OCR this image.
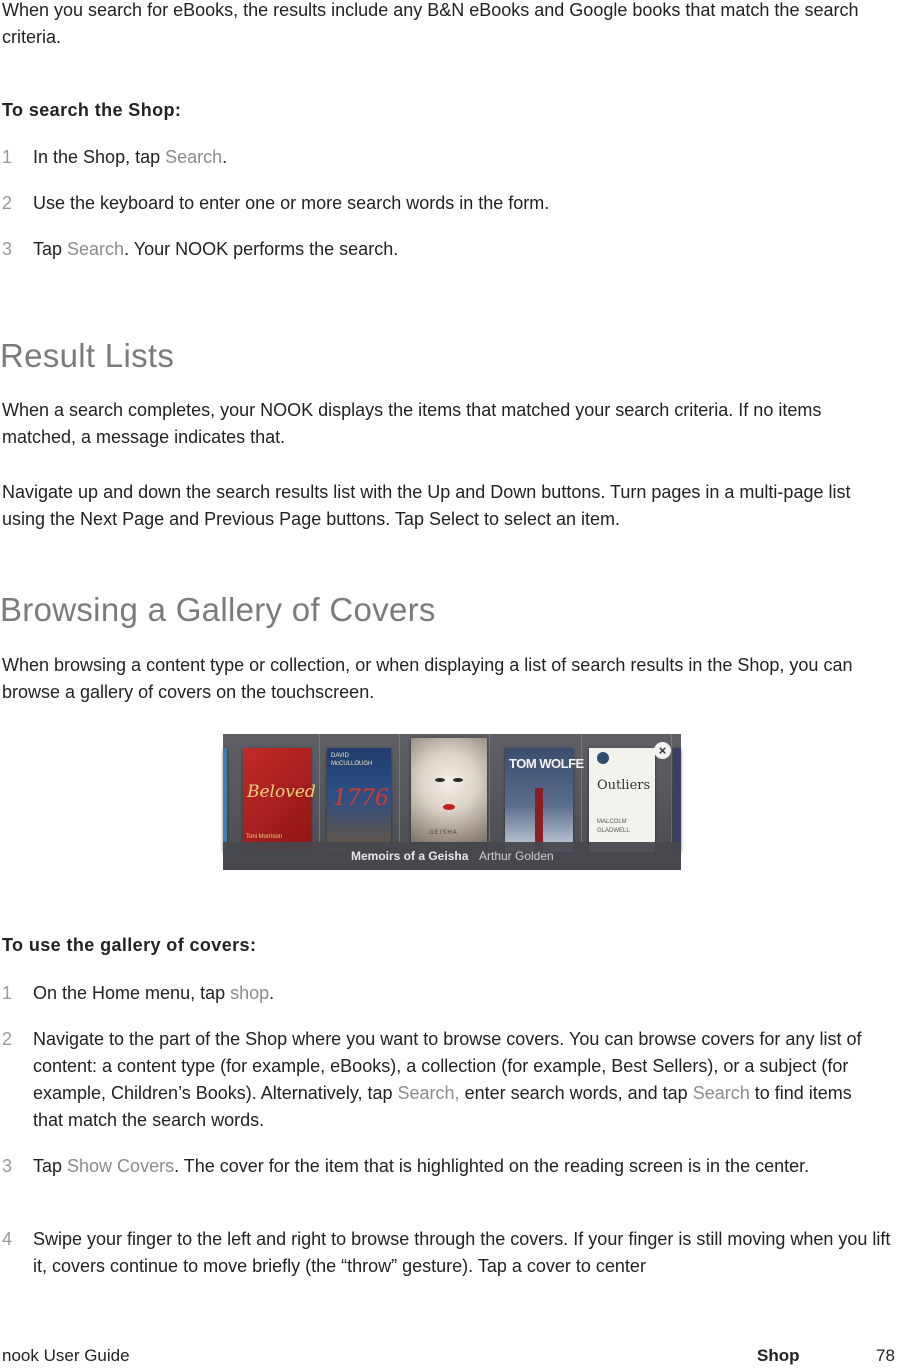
When you search for eBooks, the results include any B&N eBooks and Google books that match the search criteria.

To search the Shop:
1 In the Shop, tap Search.
2 Use the keyboard to enter one or more search words in the form.
3 Tap Search. Your NOOK performs the search.
Result Lists

When a search completes, your NOOK displays the items that matched your search criteria. If no items matched, a message indicates that.

Navigate up and down the search results list with the Up and Down buttons. Turn pages in a multi-page list using the Next Page and Previous Page buttons. Tap Select to select an item.

Browsing a Gallery of Covers

When browsing a content type or collection, or when displaying a list of search results in the Shop, you can browse a gallery of covers on the touchscreen.

Beloved
Toni Morrison
DAVID McCULLOUGH
1776
GEISHA
TOM WOLFE
Outliers
MALCOLM GLADWELL
×
Memoirs of a Geisha Arthur Golden
To use the gallery of covers:
1 On the Home menu, tap shop.
2 Navigate to the part of the Shop where you want to browse covers. You can browse covers for any list of content: a content type (for example, eBooks), a collection (for example, Best Sellers), or a subject (for example, Children’s Books). Alternatively, tap Search, enter search words, and tap Search to find items that match the search words.
3 Tap Show Covers. The cover for the item that is highlighted on the reading screen is in the center.
4 Swipe your finger to the left and right to browse through the covers. If your finger is still moving when you lift it, covers continue to move briefly (the “throw” gesture). Tap a cover to center
nook User Guide	Shop	78
